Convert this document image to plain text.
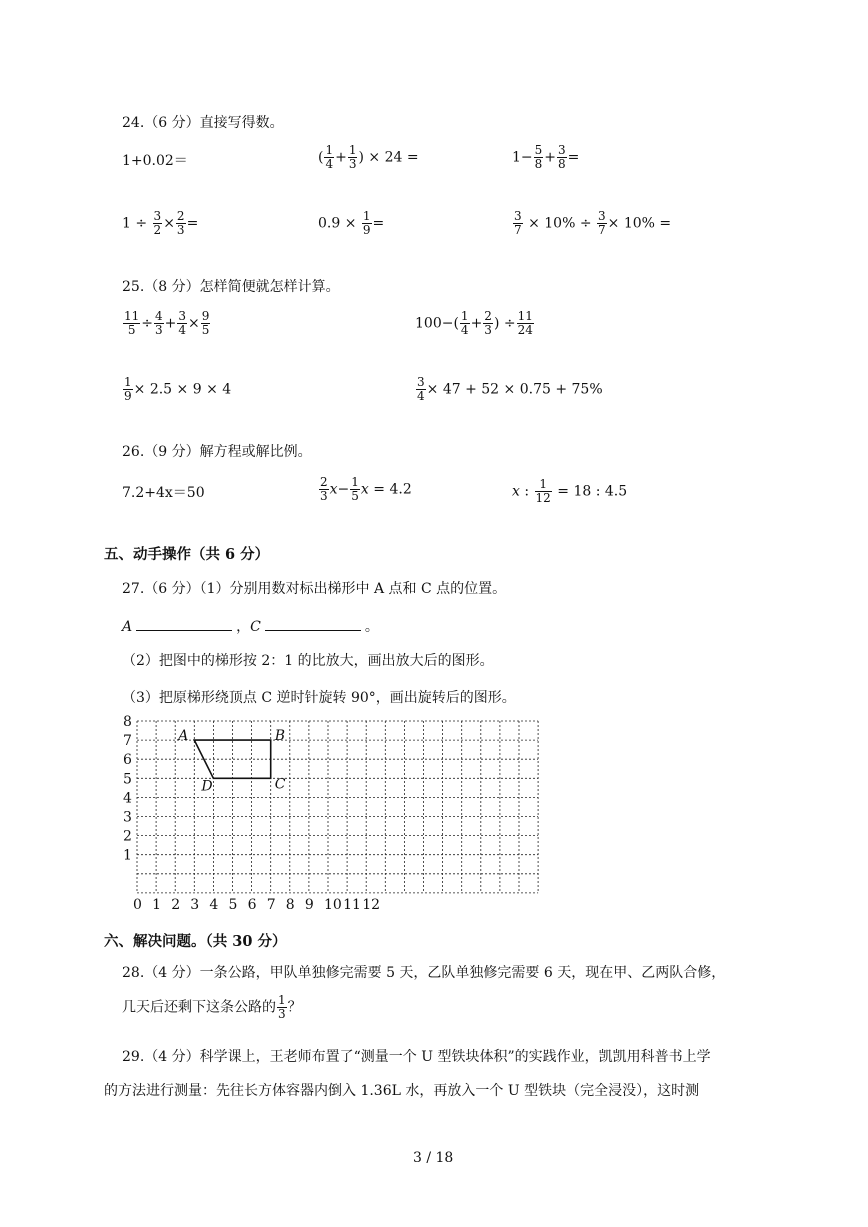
24.（6 分）直接写得数。
1+0.02＝	( $\frac{1}{4} + \frac{1}{3}$ ) × 24 =	$1- \frac{5}{8} + \frac{3}{8}$ =
$1 \div \frac{3}{2} \times \frac{2}{3}$ =	$0.9 \times \frac{1}{9}$ =	$\frac{3}{7} \times 10\% \div \frac{3}{7} \times 10\%$ =
25.（8 分）怎样简便就怎样计算。
$\frac{11}{5} \div \frac{4}{3} + \frac{3}{4} \times \frac{9}{5}$	$100-( \frac{1}{4} + \frac{2}{3}$ ) ÷ $\frac{11}{24}$
$\frac{1}{9} \times 2.5 \times 9 \times 4$	$\frac{3}{4} \times 47 + 52 \times 0.75 + 75\%$
26.（9 分）解方程或解比例。
7.2+4x＝50	$\frac{2}{3} x- \frac{1}{5}$ x = 4.2	x : $\frac{1}{12} = 18$ : 4.5
五、动手操作（共 6 分）
27.（6 分）（1）分别用数对标出梯形中 A 点和 C 点的位置。
A	，C	。
（2）把图中的梯形按 2：1 的比放大，画出放大后的图形。
（3）把原梯形绕顶点 C 逆时针旋转 90°，画出旋转后的图形。
8
7
6
5
4
3
2
1
0 1 2 3 4 5 6 7 8 9 10 11 12
A	B
C
D
六、解决问题。（共 30 分）
28.（4 分）一条公路，甲队单独修完需要 5 天，乙队单独修完需要 6 天，现在甲、乙两队合修，
几天后还剩下这条公路的 $\frac{1}{3}$ ？
29.（4 分）科学课上，王老师布置了“测量一个 U 型铁块体积”的实践作业，凯凯用科普书上学
的方法进行测量：先往长方体容器内倒入 1.36L 水，再放入一个 U 型铁块（完全浸没），这时测
3 / 18
